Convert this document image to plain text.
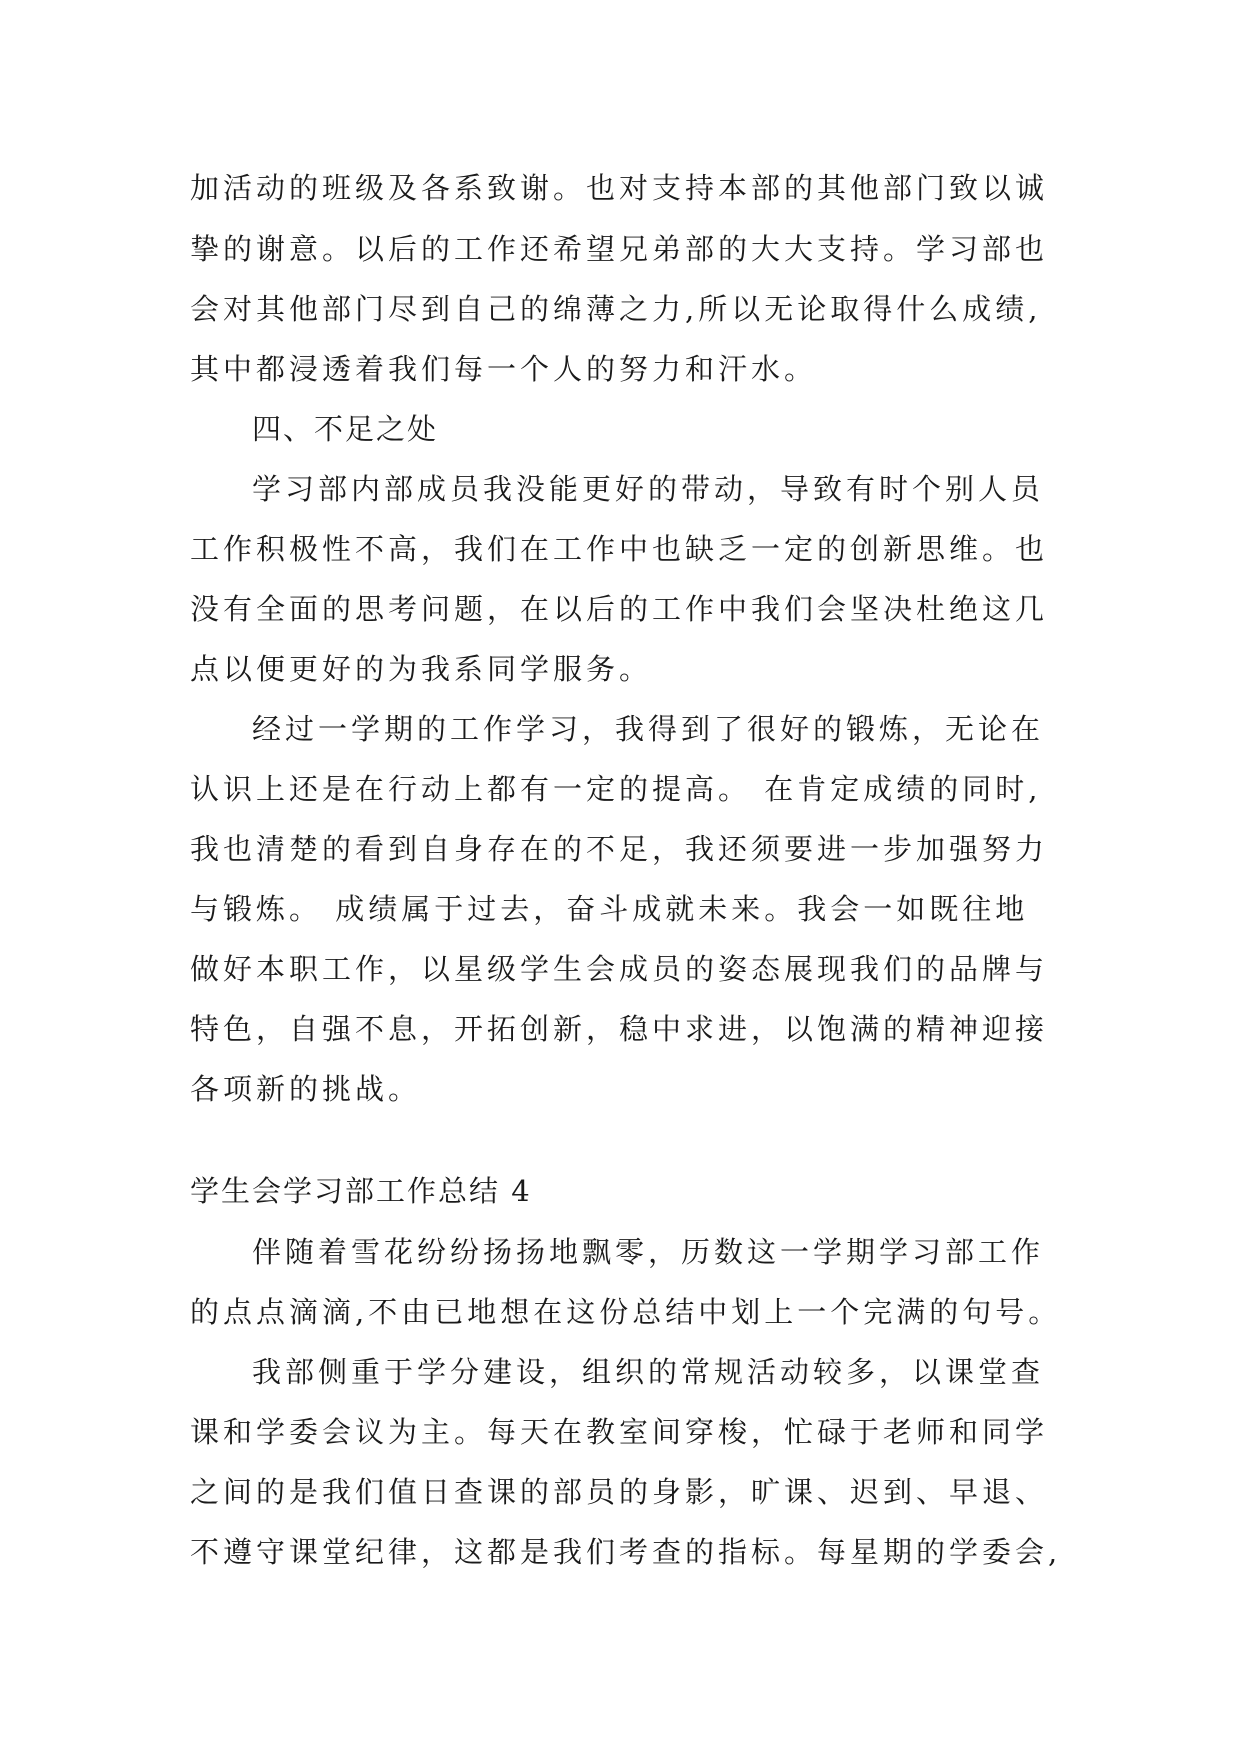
加活动的班级及各系致谢。也对支持本部的其他部门致以诚
挚的谢意。以后的工作还希望兄弟部的大大支持。学习部也
会对其他部门尽到自己的绵薄之力,所以无论取得什么成绩,
其中都浸透着我们每一个人的努力和汗水。
四、不足之处
学习部内部成员我没能更好的带动，导致有时个别人员
工作积极性不高，我们在工作中也缺乏一定的创新思维。也
没有全面的思考问题，在以后的工作中我们会坚决杜绝这几
点以便更好的为我系同学服务。
经过一学期的工作学习，我得到了很好的锻炼，无论在
认识上还是在行动上都有一定的提高。 在肯定成绩的同时,
我也清楚的看到自身存在的不足，我还须要进一步加强努力
与锻炼。 成绩属于过去，奋斗成就未来。我会一如既往地
做好本职工作，以星级学生会成员的姿态展现我们的品牌与
特色，自强不息，开拓创新，稳中求进，以饱满的精神迎接
各项新的挑战。
学生会学习部工作总结 4
伴随着雪花纷纷扬扬地飘零，历数这一学期学习部工作
的点点滴滴,不由已地想在这份总结中划上一个完满的句号。
我部侧重于学分建设，组织的常规活动较多，以课堂查
课和学委会议为主。每天在教室间穿梭，忙碌于老师和同学
之间的是我们值日查课的部员的身影，旷课、迟到、早退、
不遵守课堂纪律，这都是我们考查的指标。每星期的学委会,
